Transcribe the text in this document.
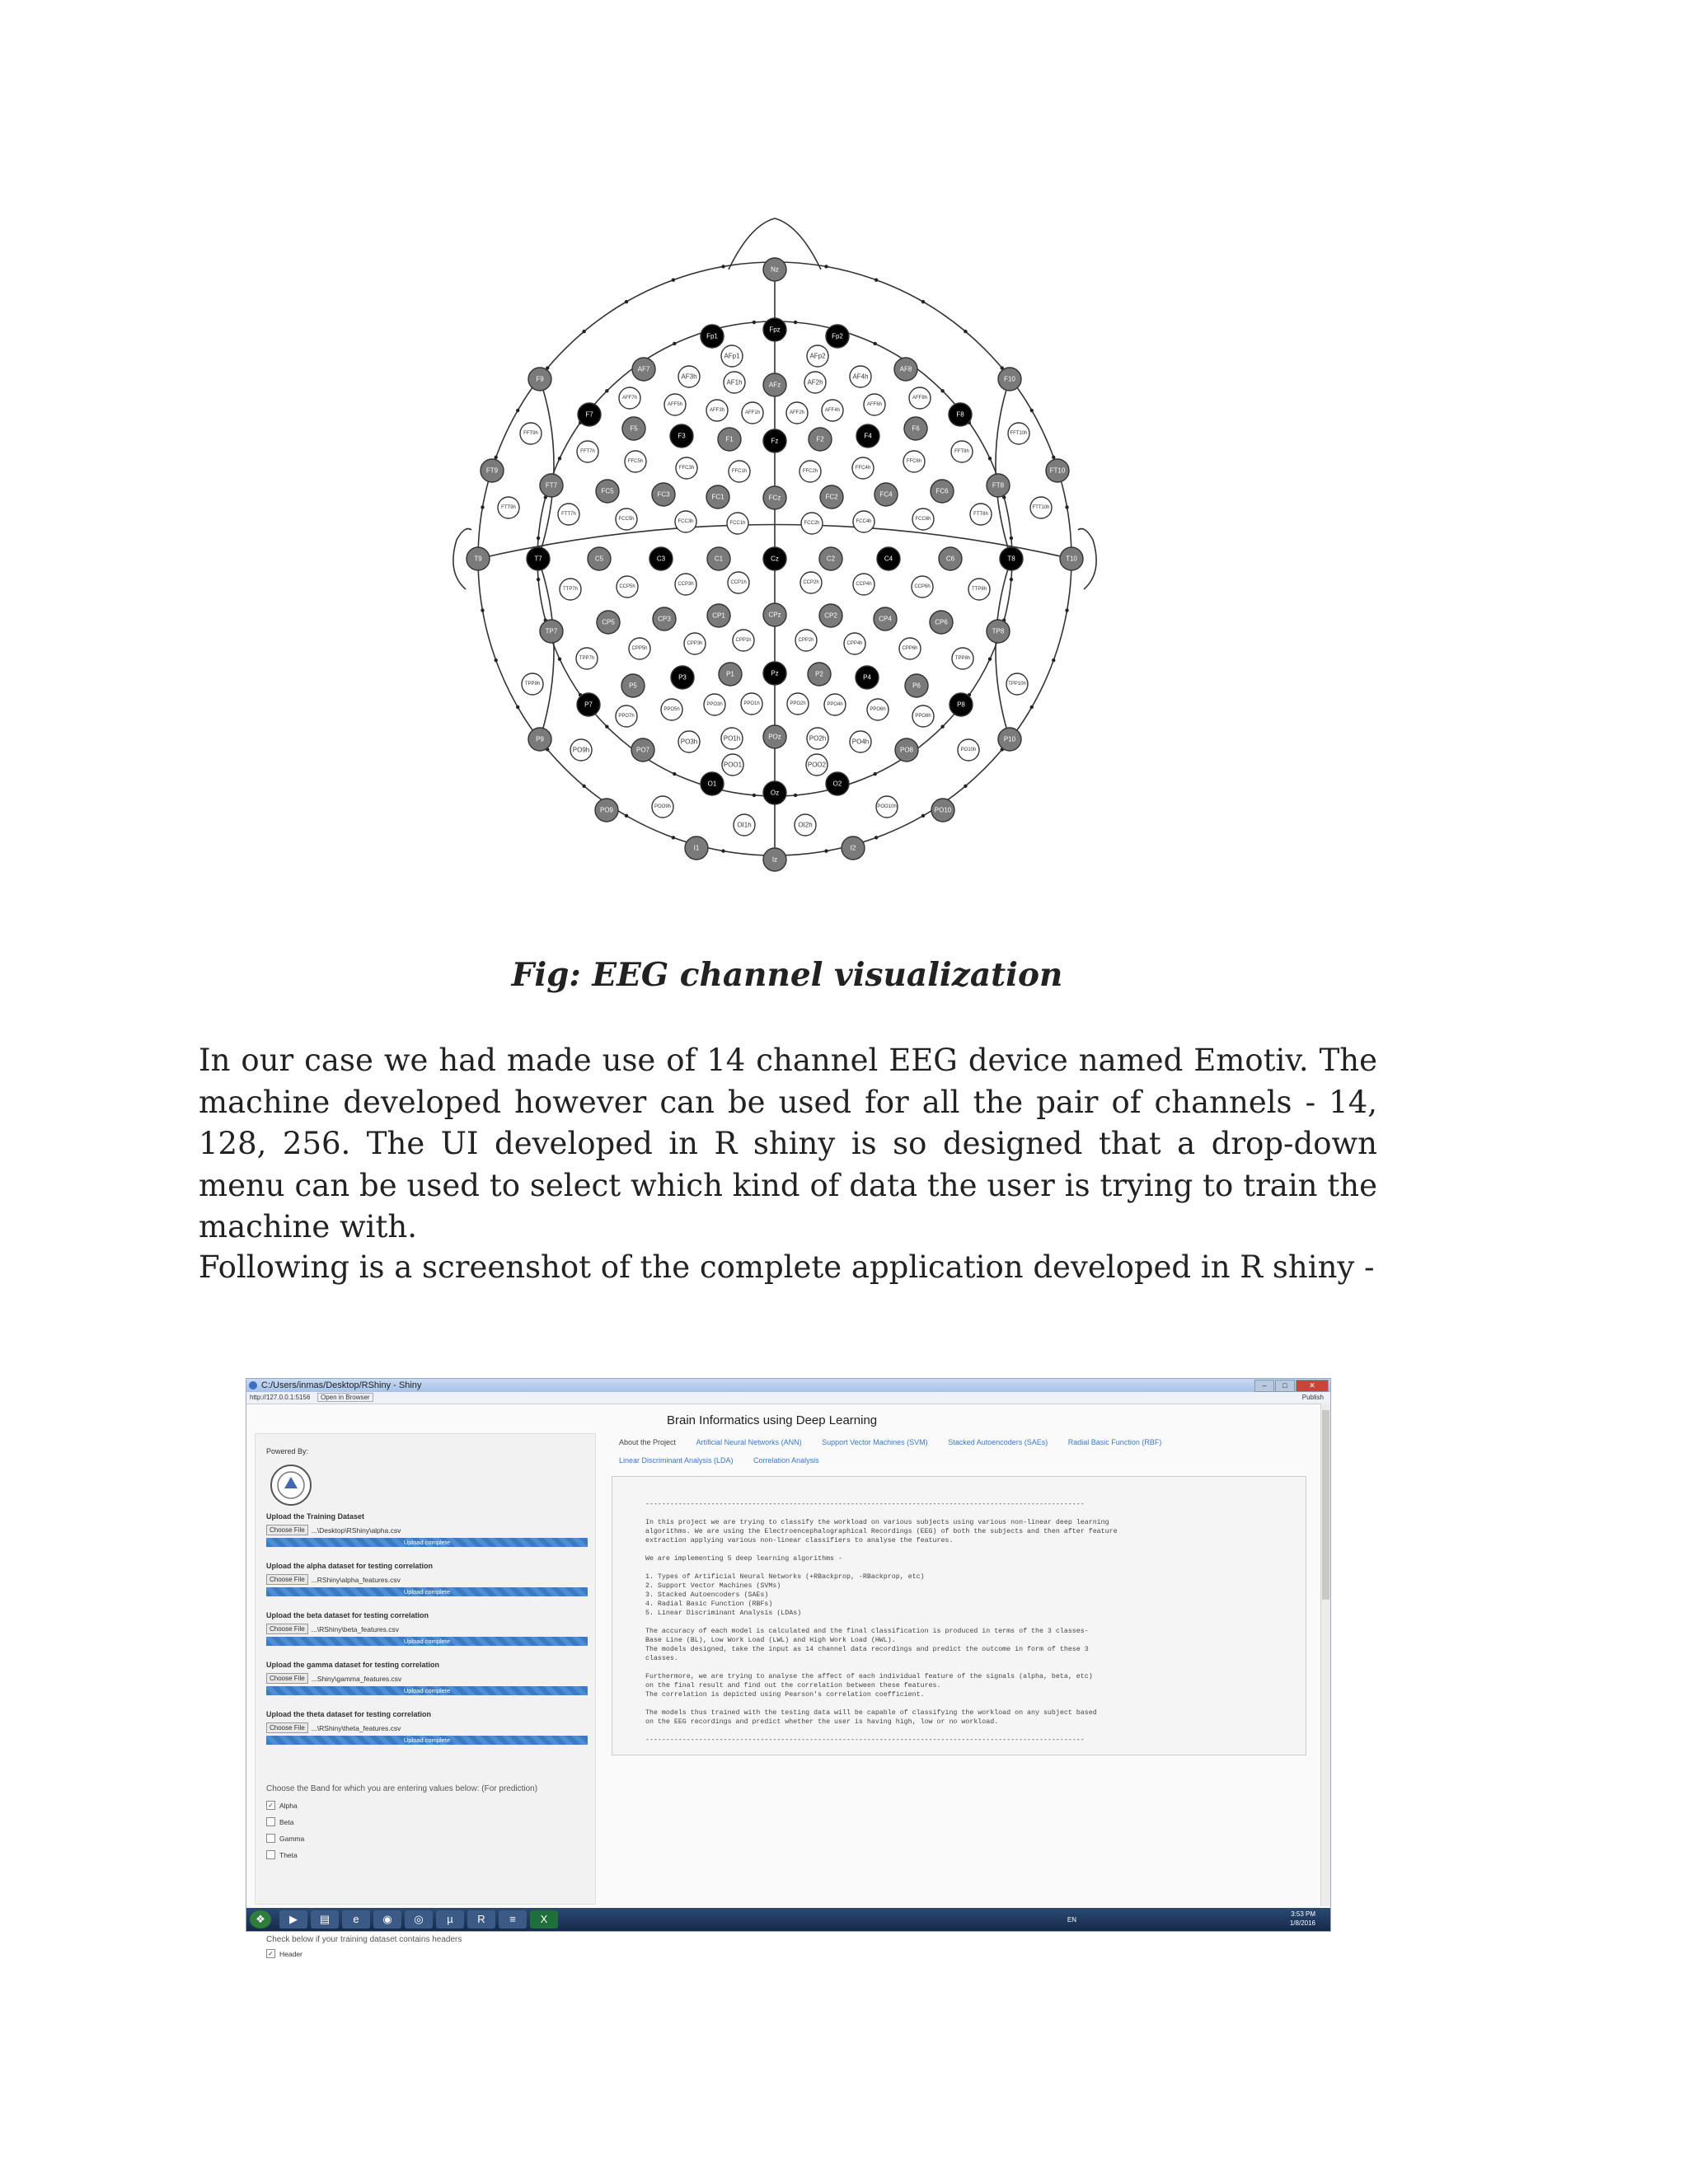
Nz
Fpz
Fp1	Fp2
AFp1	AFp2
AF7	AF8
AF3h	AF4h
AF1h	AF2h
AFz
F9	F10
AFF7h	AFF8h
AFF5h	AFF6h
AFF3h	AFF4h
AFF1h	AFF2h
F7	F8
F5	F6
F3	F4
F1	F2
Fz
FFT9h	FFT10h
FFT7h	FFT8h
FFC5h	FFC6h
FFC3h	FFC4h
FFC1h	FFC2h
FT9	FT10
FT7	FT8
FC5	FC6
FC3	FC4
FC1	FC2
FCz
FTT9h	FTT10h
FTT7h	FTT8h
FCC5h	FCC6h
FCC3h	FCC4h
FCC1h	FCC2h
T9	T7	C5	C3	C1	Cz	C2	C4	C6	T8	T10
TTP7h	TTP8h
CCP5h	CCP6h
CCP3h	CCP4h
CCP1h	CCP2h
TP7	TP8
CP5	CP6
CP3	CP4
CP1	CP2
CPz
TPP7h	TPP8h
CPP5h	CPP6h
CPP3h	CPP4h
CPP1h	CPP2h
TPP9h	TPP10h
P7	P8
P5	P6
P3	P4
P1	P2
Pz
PPO7h	PPO8h
PPO5h	PPO6h
PPO3h	PPO4h
PPO1h	PPO2h
P9	P10
PO9h	PO10h
PO7	PO8
PO3h	PO4h
PO1h	PO2h
POz
POO1	POO2
O1
Oz
O2
PO9	PO10
POO9h	POO10h
OI1h	OI2h
I1	I2
Iz
Fig: EEG channel visualization

In our case we had made use of 14 channel EEG device named Emotiv. The machine developed however can be used for all the pair of channels - 14, 128, 256. The UI developed in R shiny is so designed that a drop-down menu can be used to select which kind of data the user is trying to train the machine with.

Following is a screenshot of the complete application developed in R shiny -

C:/Users/inmas/Desktop/RShiny - Shiny	–	□	✕
http://127.0.0.1:5156	Open in Browser	Publish
Powered By:
Upload the Training Dataset
Choose File ...\Desktop\RShiny\alpha.csv
Upload complete
Upload the alpha dataset for testing correlation
Choose File ...RShiny\alpha_features.csv
Upload complete
Upload the beta dataset for testing correlation
Choose File ...\RShiny\beta_features.csv
Upload complete
Upload the gamma dataset for testing correlation
Choose File ...Shiny\gamma_features.csv
Upload complete
Upload the theta dataset for testing correlation
Choose File ...\RShiny\theta_features.csv
Upload complete
Choose the Band for which you are entering values below: (For prediction)
✓ Alpha
Beta
Gamma
Theta
Check below if your training dataset contains headers
✓ Header
Brain Informatics using Deep Learning
About the Project	Artificial Neural Networks (ANN)	Support Vector Machines (SVM)	Stacked Autoencoders (SAEs)	Radial Basic Function (RBF)
Linear Discriminant Analysis (LDA)	Correlation Analysis
-----------------------------------------------------------------------------------------------------------

In this project we are trying to classify the workload on various subjects using various non-linear deep learning
algorithms. We are using the Electroencephalographical Recordings (EEG) of both the subjects and then after feature
extraction applying various non-linear classifiers to analyse the features.

We are implementing 5 deep learning algorithms -

1. Types of Artificial Neural Networks (+RBackprop, -RBackprop, etc)
2. Support Vector Machines (SVMs)
3. Stacked Autoencoders (SAEs)
4. Radial Basic Function (RBFs)
5. Linear Discriminant Analysis (LDAs)

The accuracy of each model is calculated and the final classification is produced in terms of the 3 classes-
Base Line (BL), Low Work Load (LWL) and High Work Load (HWL).
The models designed, take the input as 14 channel data recordings and predict the outcome in form of these 3
classes.

Furthermore, we are trying to analyse the affect of each individual feature of the signals (alpha, beta, etc)
on the final result and find out the correlation between these features.
The correlation is depicted using Pearson's correlation coefficient.

The models thus trained with the testing data will be capable of classifying the workload on any subject based
on the EEG recordings and predict whether the user is having high, low or no workload.

-----------------------------------------------------------------------------------------------------------
❖	▶	▤	e	◉	◎	µ	R	≡	X	EN
3:53 PM
1/8/2016
